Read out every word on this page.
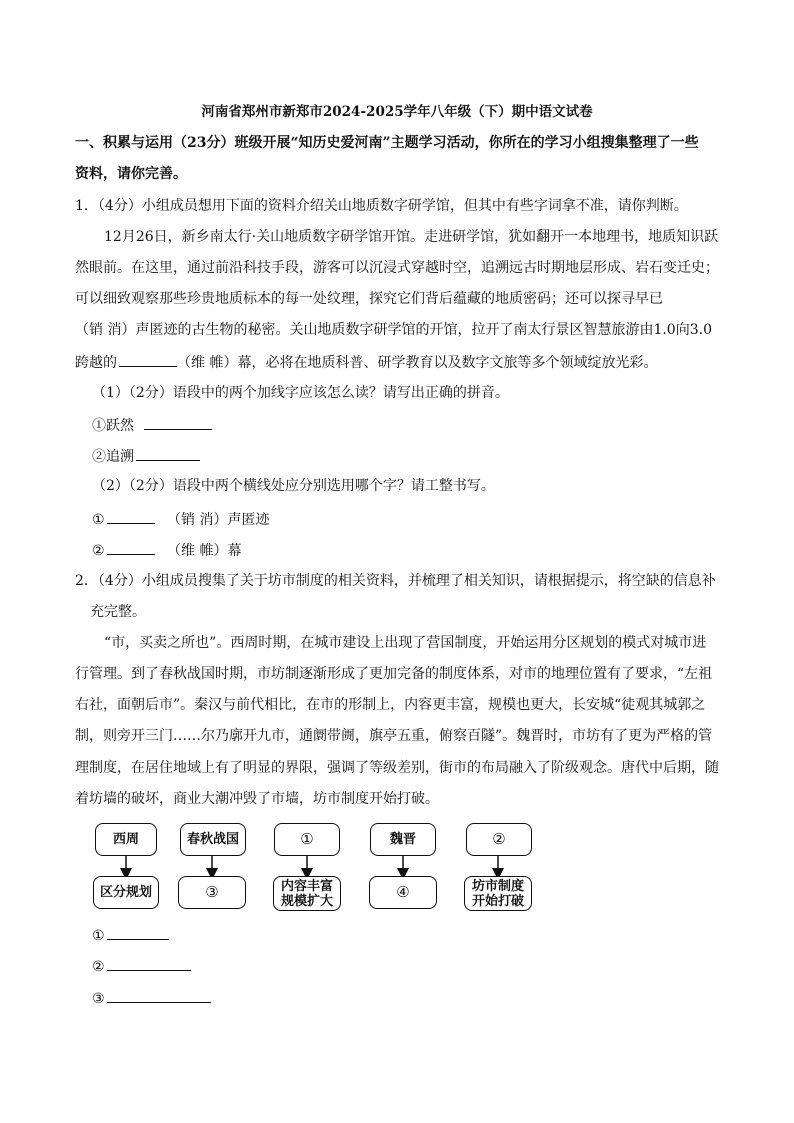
河南省郑州市新郑市2024-2025学年八年级（下）期中语文试卷
一、积累与运用（23分）班级开展“知历史爱河南”主题学习活动，你所在的学习小组搜集整理了一些
资料，请你完善。
1．（4分）小组成员想用下面的资料介绍关山地质数字研学馆，但其中有些字词拿不准，请你判断。
12月26日，新乡南太行·关山地质数字研学馆开馆。走进研学馆，犹如翻开一本地理书，地质知识跃
然眼前。在这里，通过前沿科技手段，游客可以沉浸式穿越时空，追溯远古时期地层形成、岩石变迁史；
可以细致观察那些珍贵地质标本的每一处纹理，探究它们背后蕴藏的地质密码；还可以探寻早已
（销 消）声匿迹的古生物的秘密。关山地质数字研学馆的开馆，拉开了南太行景区智慧旅游由1.0向3.0
跨越的	（维 帷）幕，必将在地质科普、研学教育以及数字文旅等多个领域绽放光彩。
（1）（2分）语段中的两个加线字应该怎么读？请写出正确的拼音。
①跃然
②追溯
（2）（2分）语段中两个横线处应分别选用哪个字？请工整书写。
①	（销 消）声匿迹
②	（维 帷）幕
2．（4分）小组成员搜集了关于坊市制度的相关资料，并梳理了相关知识，请根据提示，将空缺的信息补
充完整。
“市，买卖之所也”。西周时期，在城市建设上出现了营国制度，开始运用分区规划的模式对城市进
行管理。到了春秋战国时期，市坊制逐渐形成了更加完备的制度体系，对市的地理位置有了要求，“左祖
右社，面朝后市”。秦汉与前代相比，在市的形制上，内容更丰富，规模也更大，长安城“徒观其城郭之
制，则旁开三门……尔乃廓开九市，通阛带阓，旗亭五重，俯察百隧”。魏晋时，市坊有了更为严格的管
理制度，在居住地域上有了明显的界限，强调了等级差别，街市的布局融入了阶级观念。唐代中后期，随
着坊墙的破坏，商业大潮冲毁了市墙，坊市制度开始打破。
西周	春秋战国	①	魏晋	②
区分规划	③	内容丰富
规模扩大	④	坊市制度
开始打破
①
②
③
